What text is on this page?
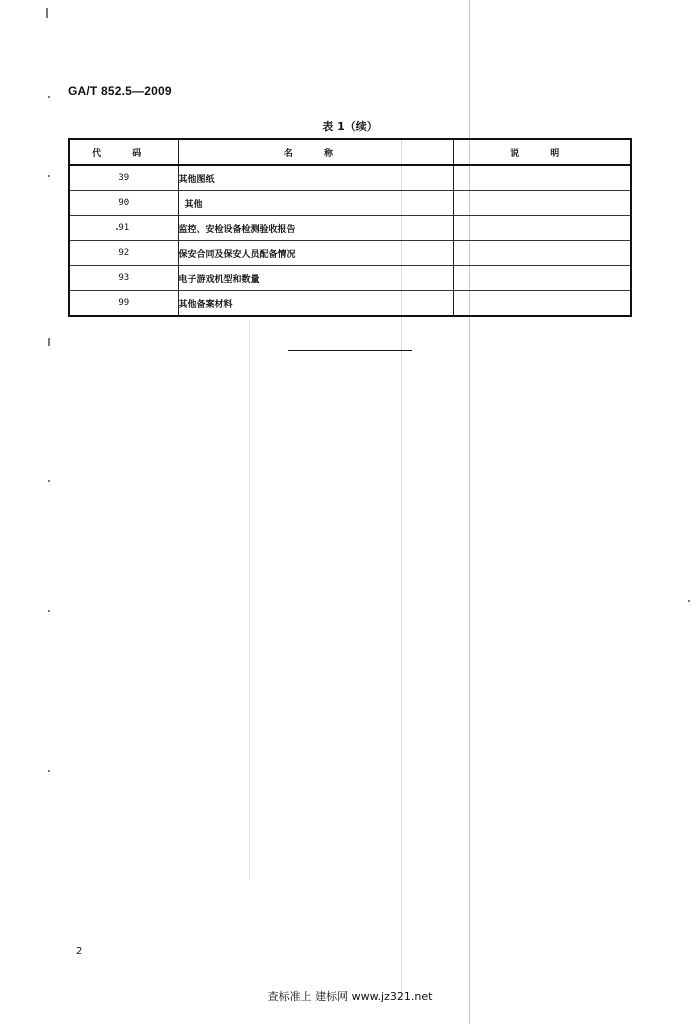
GA/T 852.5—2009
表 1（续）
代 码	名 称	说 明
39	其他图纸	
90	其他	
91	监控、安检设备检测验收报告	
92	保安合同及保安人员配备情况	
93	电子游戏机型和数量	
99	其他备案材料	
2
查标准上 建标网 www.jz321.net
